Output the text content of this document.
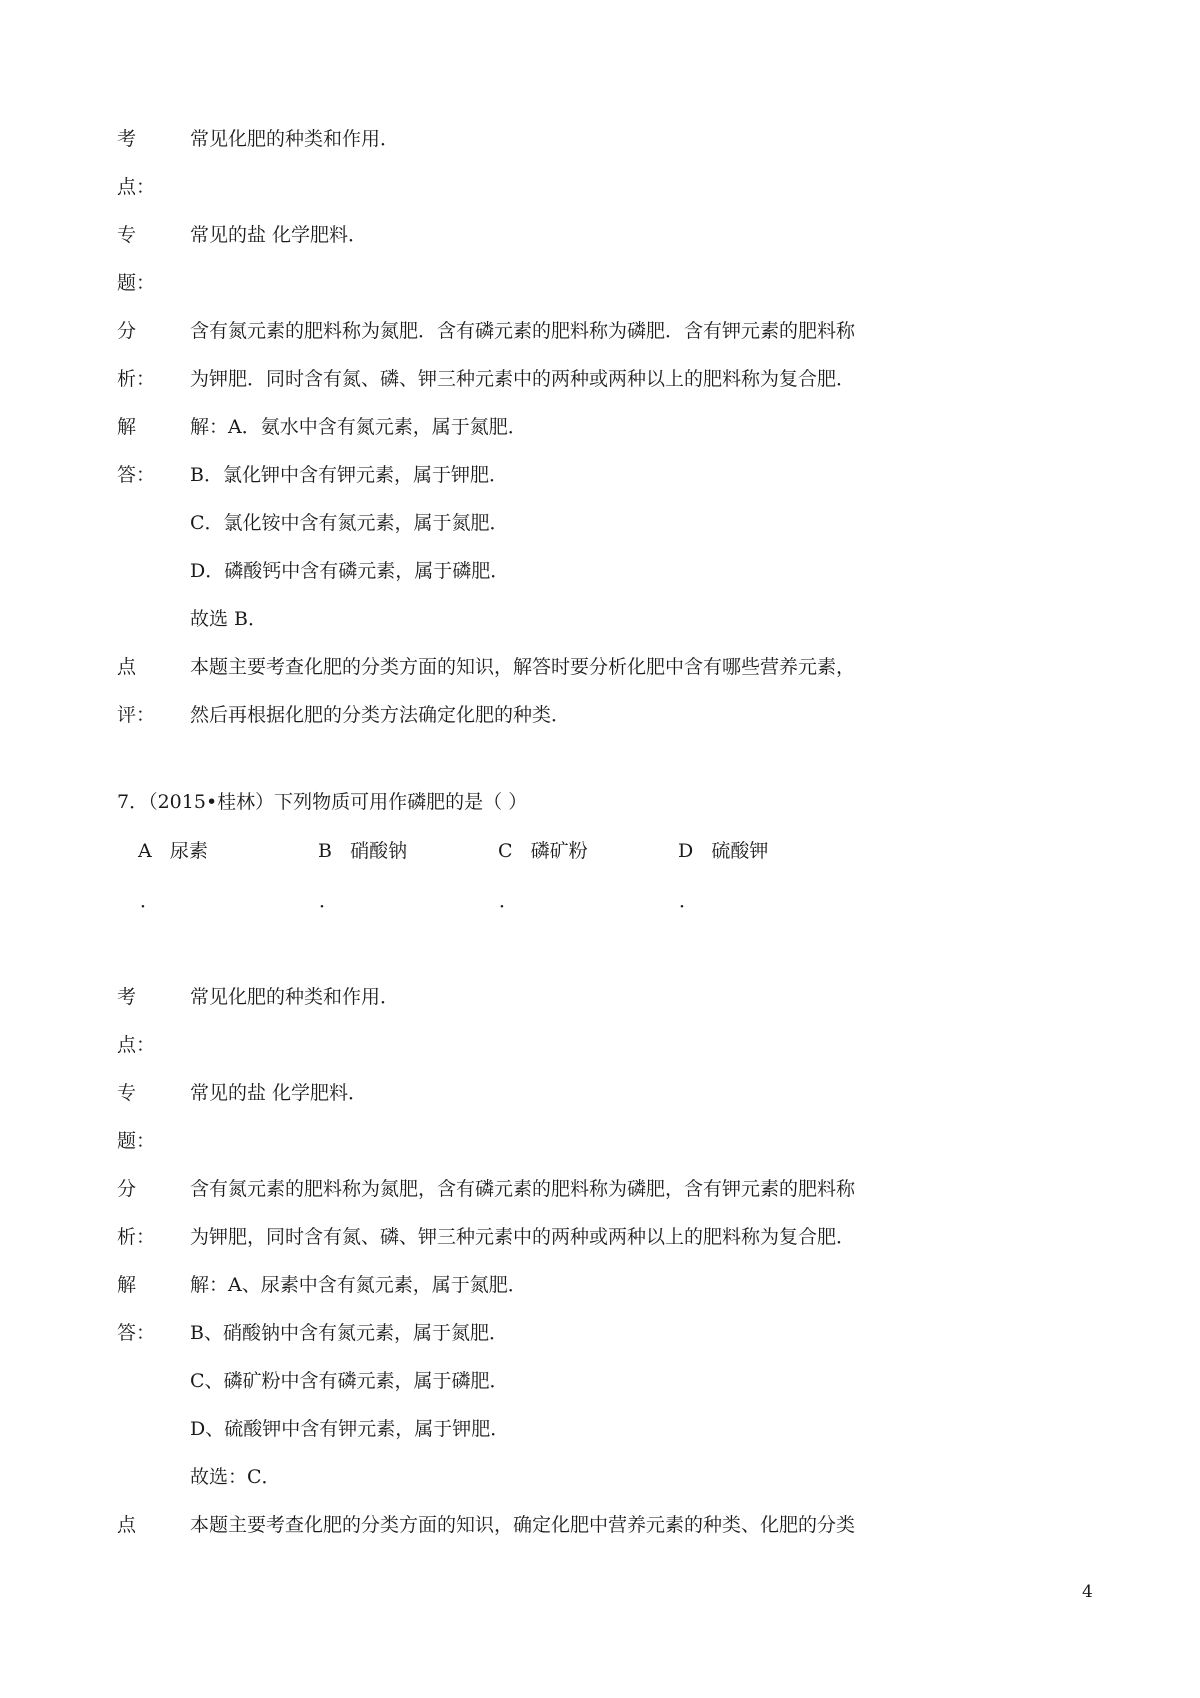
考
点：
常见化肥的种类和作用．
专
题：
常见的盐 化学肥料．
分
析：
含有氮元素的肥料称为氮肥．含有磷元素的肥料称为磷肥．含有钾元素的肥料称
为钾肥．同时含有氮、磷、钾三种元素中的两种或两种以上的肥料称为复合肥．
解
答：
解：A．氨水中含有氮元素，属于氮肥．
B．氯化钾中含有钾元素，属于钾肥．
C．氯化铵中含有氮元素，属于氮肥．
D．磷酸钙中含有磷元素，属于磷肥．
故选 B．
点
评：
本题主要考查化肥的分类方面的知识，解答时要分析化肥中含有哪些营养元素，
然后再根据化肥的分类方法确定化肥的种类．
7．（2015•桂林）下列物质可用作磷肥的是（ ）
A 尿素
．
B 硝酸钠
．
C 磷矿粉
．
D 硫酸钾
．
考
点：
常见化肥的种类和作用．
专
题：
常见的盐 化学肥料．
分
析：
含有氮元素的肥料称为氮肥，含有磷元素的肥料称为磷肥，含有钾元素的肥料称
为钾肥，同时含有氮、磷、钾三种元素中的两种或两种以上的肥料称为复合肥．
解
答：
解：A、尿素中含有氮元素，属于氮肥．
B、硝酸钠中含有氮元素，属于氮肥．
C、磷矿粉中含有磷元素，属于磷肥．
D、硫酸钾中含有钾元素，属于钾肥．
故选：C．
点	本题主要考查化肥的分类方面的知识，确定化肥中营养元素的种类、化肥的分类
4
